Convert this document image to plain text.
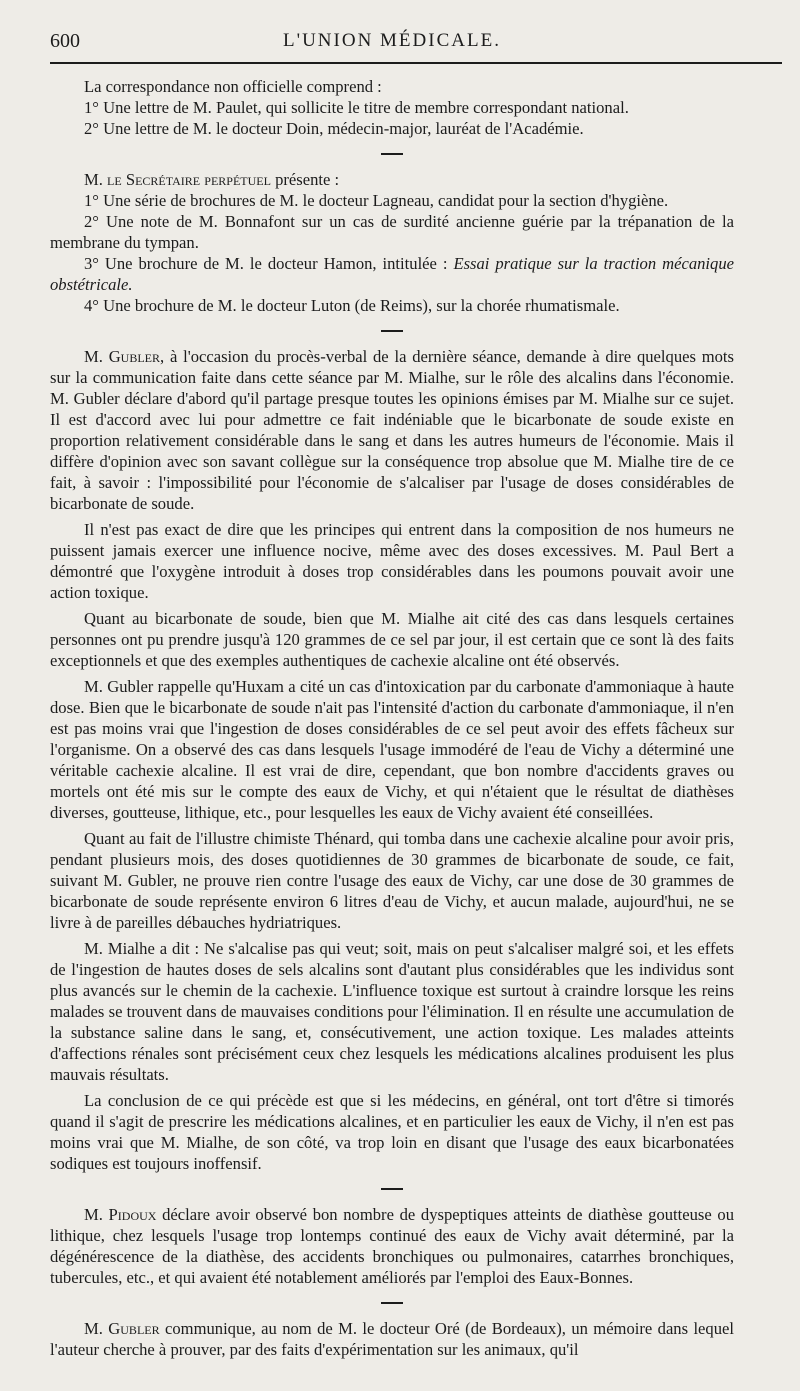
600	L'UNION MÉDICALE.

La correspondance non officielle comprend :

1° Une lettre de M. Paulet, qui sollicite le titre de membre correspondant national.

2° Une lettre de M. le docteur Doin, médecin-major, lauréat de l'Académie.

M. le Secrétaire perpétuel présente :

1° Une série de brochures de M. le docteur Lagneau, candidat pour la section d'hygiène.

2° Une note de M. Bonnafont sur un cas de surdité ancienne guérie par la trépanation de la membrane du tympan.

3° Une brochure de M. le docteur Hamon, intitulée : Essai pratique sur la traction mécanique obstétricale.

4° Une brochure de M. le docteur Luton (de Reims), sur la chorée rhumatismale.

M. Gubler, à l'occasion du procès-verbal de la dernière séance, demande à dire quelques mots sur la communication faite dans cette séance par M. Mialhe, sur le rôle des alcalins dans l'économie. M. Gubler déclare d'abord qu'il partage presque toutes les opinions émises par M. Mialhe sur ce sujet. Il est d'accord avec lui pour admettre ce fait indéniable que le bicarbonate de soude existe en proportion relativement considérable dans le sang et dans les autres humeurs de l'économie. Mais il diffère d'opinion avec son savant collègue sur la conséquence trop absolue que M. Mialhe tire de ce fait, à savoir : l'impossibilité pour l'économie de s'alcaliser par l'usage de doses considérables de bicarbonate de soude.

Il n'est pas exact de dire que les principes qui entrent dans la composition de nos humeurs ne puissent jamais exercer une influence nocive, même avec des doses excessives. M. Paul Bert a démontré que l'oxygène introduit à doses trop considérables dans les poumons pouvait avoir une action toxique.

Quant au bicarbonate de soude, bien que M. Mialhe ait cité des cas dans lesquels certaines personnes ont pu prendre jusqu'à 120 grammes de ce sel par jour, il est certain que ce sont là des faits exceptionnels et que des exemples authentiques de cachexie alcaline ont été observés.

M. Gubler rappelle qu'Huxam a cité un cas d'intoxication par du carbonate d'ammoniaque à haute dose. Bien que le bicarbonate de soude n'ait pas l'intensité d'action du carbonate d'ammoniaque, il n'en est pas moins vrai que l'ingestion de doses considérables de ce sel peut avoir des effets fâcheux sur l'organisme. On a observé des cas dans lesquels l'usage immodéré de l'eau de Vichy a déterminé une véritable cachexie alcaline. Il est vrai de dire, cependant, que bon nombre d'accidents graves ou mortels ont été mis sur le compte des eaux de Vichy, et qui n'étaient que le résultat de diathèses diverses, goutteuse, lithique, etc., pour lesquelles les eaux de Vichy avaient été conseillées.

Quant au fait de l'illustre chimiste Thénard, qui tomba dans une cachexie alcaline pour avoir pris, pendant plusieurs mois, des doses quotidiennes de 30 grammes de bicarbonate de soude, ce fait, suivant M. Gubler, ne prouve rien contre l'usage des eaux de Vichy, car une dose de 30 grammes de bicarbonate de soude représente environ 6 litres d'eau de Vichy, et aucun malade, aujourd'hui, ne se livre à de pareilles débauches hydriatriques.

M. Mialhe a dit : Ne s'alcalise pas qui veut; soit, mais on peut s'alcaliser malgré soi, et les effets de l'ingestion de hautes doses de sels alcalins sont d'autant plus considérables que les individus sont plus avancés sur le chemin de la cachexie. L'influence toxique est surtout à craindre lorsque les reins malades se trouvent dans de mauvaises conditions pour l'élimination. Il en résulte une accumulation de la substance saline dans le sang, et, consécutivement, une action toxique. Les malades atteints d'affections rénales sont précisément ceux chez lesquels les médications alcalines produisent les plus mauvais résultats.

La conclusion de ce qui précède est que si les médecins, en général, ont tort d'être si timorés quand il s'agit de prescrire les médications alcalines, et en particulier les eaux de Vichy, il n'en est pas moins vrai que M. Mialhe, de son côté, va trop loin en disant que l'usage des eaux bicarbonatées sodiques est toujours inoffensif.

M. Pidoux déclare avoir observé bon nombre de dyspeptiques atteints de diathèse goutteuse ou lithique, chez lesquels l'usage trop lontemps continué des eaux de Vichy avait déterminé, par la dégénérescence de la diathèse, des accidents bronchiques ou pulmonaires, catarrhes bronchiques, tubercules, etc., et qui avaient été notablement améliorés par l'emploi des Eaux-Bonnes.

M. Gubler communique, au nom de M. le docteur Oré (de Bordeaux), un mémoire dans lequel l'auteur cherche à prouver, par des faits d'expérimentation sur les animaux, qu'il
